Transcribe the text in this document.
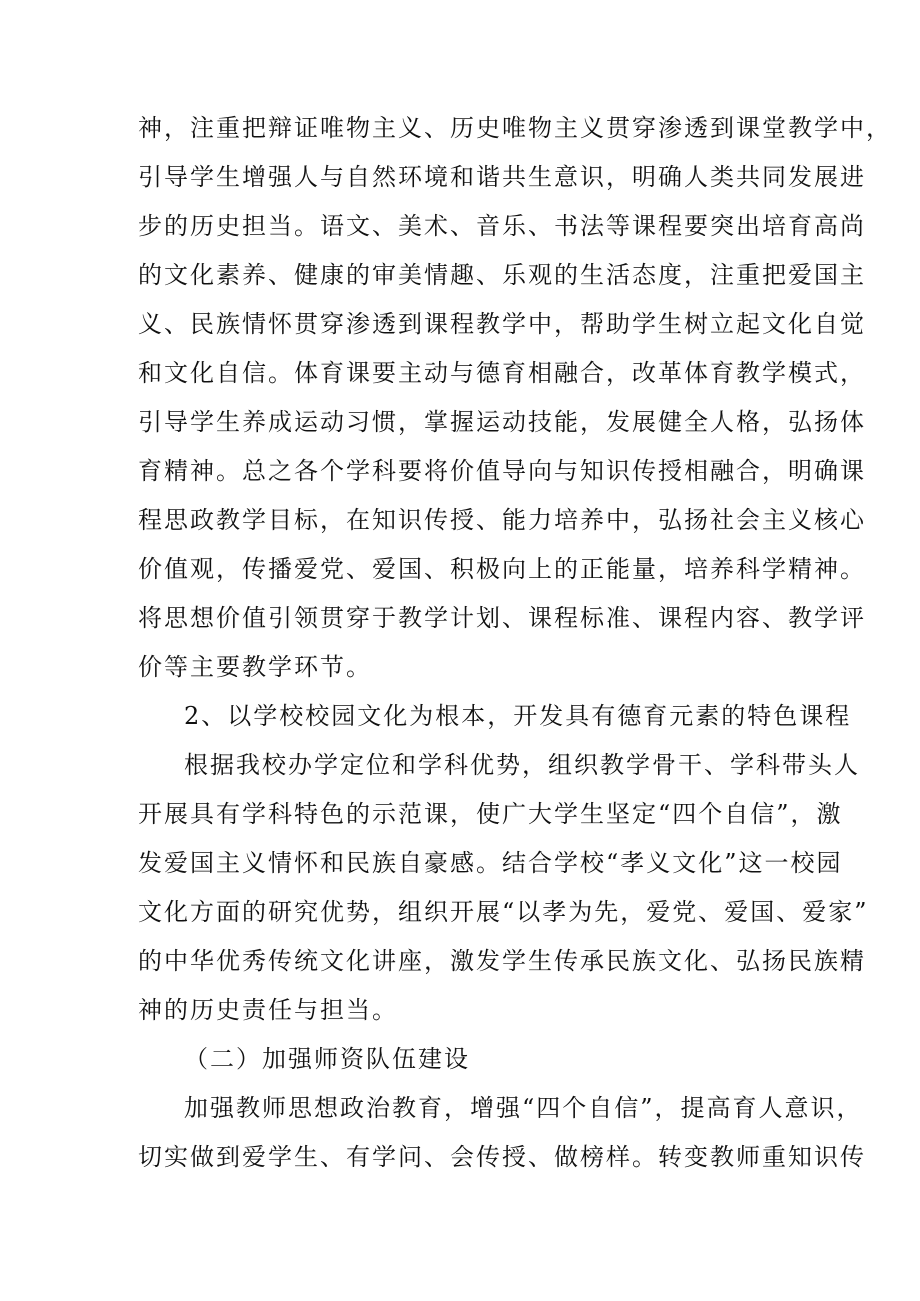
神，注重把辩证唯物主义、历史唯物主义贯穿渗透到课堂教学中，
引导学生增强人与自然环境和谐共生意识，明确人类共同发展进
步的历史担当。语文、美术、音乐、书法等课程要突出培育高尚
的文化素养、健康的审美情趣、乐观的生活态度，注重把爱国主
义、民族情怀贯穿渗透到课程教学中，帮助学生树立起文化自觉
和文化自信。体育课要主动与德育相融合，改革体育教学模式，
引导学生养成运动习惯，掌握运动技能，发展健全人格，弘扬体
育精神。总之各个学科要将价值导向与知识传授相融合，明确课
程思政教学目标，在知识传授、能力培养中，弘扬社会主义核心
价值观，传播爱党、爱国、积极向上的正能量，培养科学精神。
将思想价值引领贯穿于教学计划、课程标准、课程内容、教学评
价等主要教学环节。
2、以学校校园文化为根本，开发具有德育元素的特色课程
根据我校办学定位和学科优势，组织教学骨干、学科带头人
开展具有学科特色的示范课，使广大学生坚定“四个自信”，激
发爱国主义情怀和民族自豪感。结合学校“孝义文化”这一校园
文化方面的研究优势，组织开展“以孝为先，爱党、爱国、爱家”
的中华优秀传统文化讲座，激发学生传承民族文化、弘扬民族精
神的历史责任与担当。
（二）加强师资队伍建设
加强教师思想政治教育，增强“四个自信”，提高育人意识，
切实做到爱学生、有学问、会传授、做榜样。转变教师重知识传
